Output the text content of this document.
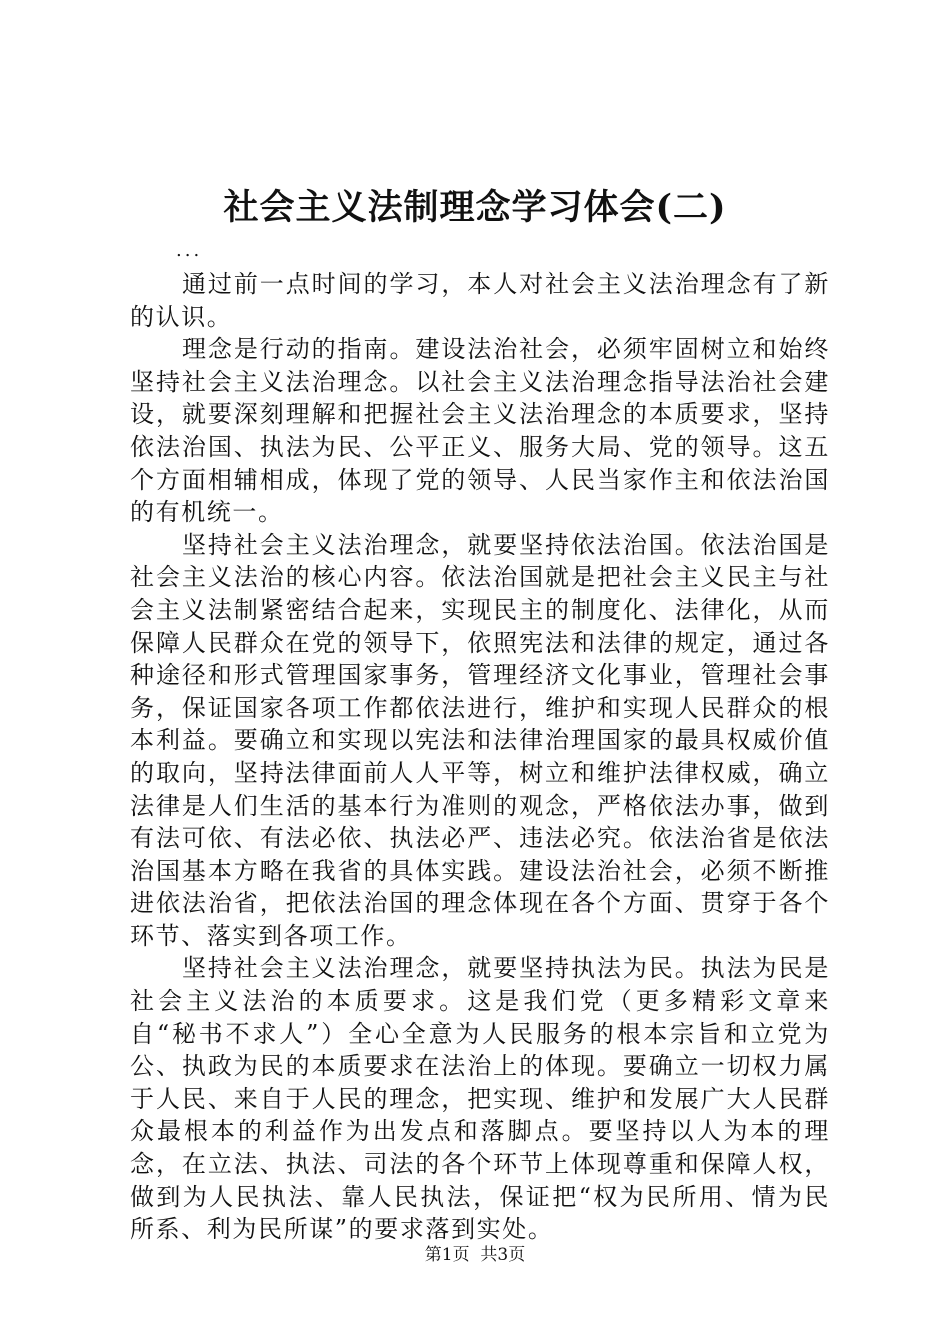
社会主义法制理念学习体会(二)
...

通过前一点时间的学习，本人对社会主义法治理念有了新的认识。

理念是行动的指南。建设法治社会，必须牢固树立和始终坚持社会主义法治理念。以社会主义法治理念指导法治社会建设，就要深刻理解和把握社会主义法治理念的本质要求，坚持依法治国、执法为民、公平正义、服务大局、党的领导。这五个方面相辅相成，体现了党的领导、人民当家作主和依法治国的有机统一。

坚持社会主义法治理念，就要坚持依法治国。依法治国是社会主义法治的核心内容。依法治国就是把社会主义民主与社会主义法制紧密结合起来，实现民主的制度化、法律化，从而保障人民群众在党的领导下，依照宪法和法律的规定，通过各种途径和形式管理国家事务，管理经济文化事业，管理社会事务，保证国家各项工作都依法进行，维护和实现人民群众的根本利益。要确立和实现以宪法和法律治理国家的最具权威价值的取向，坚持法律面前人人平等，树立和维护法律权威，确立法律是人们生活的基本行为准则的观念，严格依法办事，做到有法可依、有法必依、执法必严、违法必究。依法治省是依法治国基本方略在我省的具体实践。建设法治社会，必须不断推进依法治省，把依法治国的理念体现在各个方面、贯穿于各个环节、落实到各项工作。

坚持社会主义法治理念，就要坚持执法为民。执法为民是社会主义法治的本质要求。这是我们党（更多精彩文章来自“秘书不求人”）全心全意为人民服务的根本宗旨和立党为公、执政为民的本质要求在法治上的体现。要确立一切权力属于人民、来自于人民的理念，把实现、维护和发展广大人民群众最根本的利益作为出发点和落脚点。要坚持以人为本的理念，在立法、执法、司法的各个环节上体现尊重和保障人权，做到为人民执法、靠人民执法，保证把“权为民所用、情为民所系、利为民所谋”的要求落到实处。

第1页 共3页
